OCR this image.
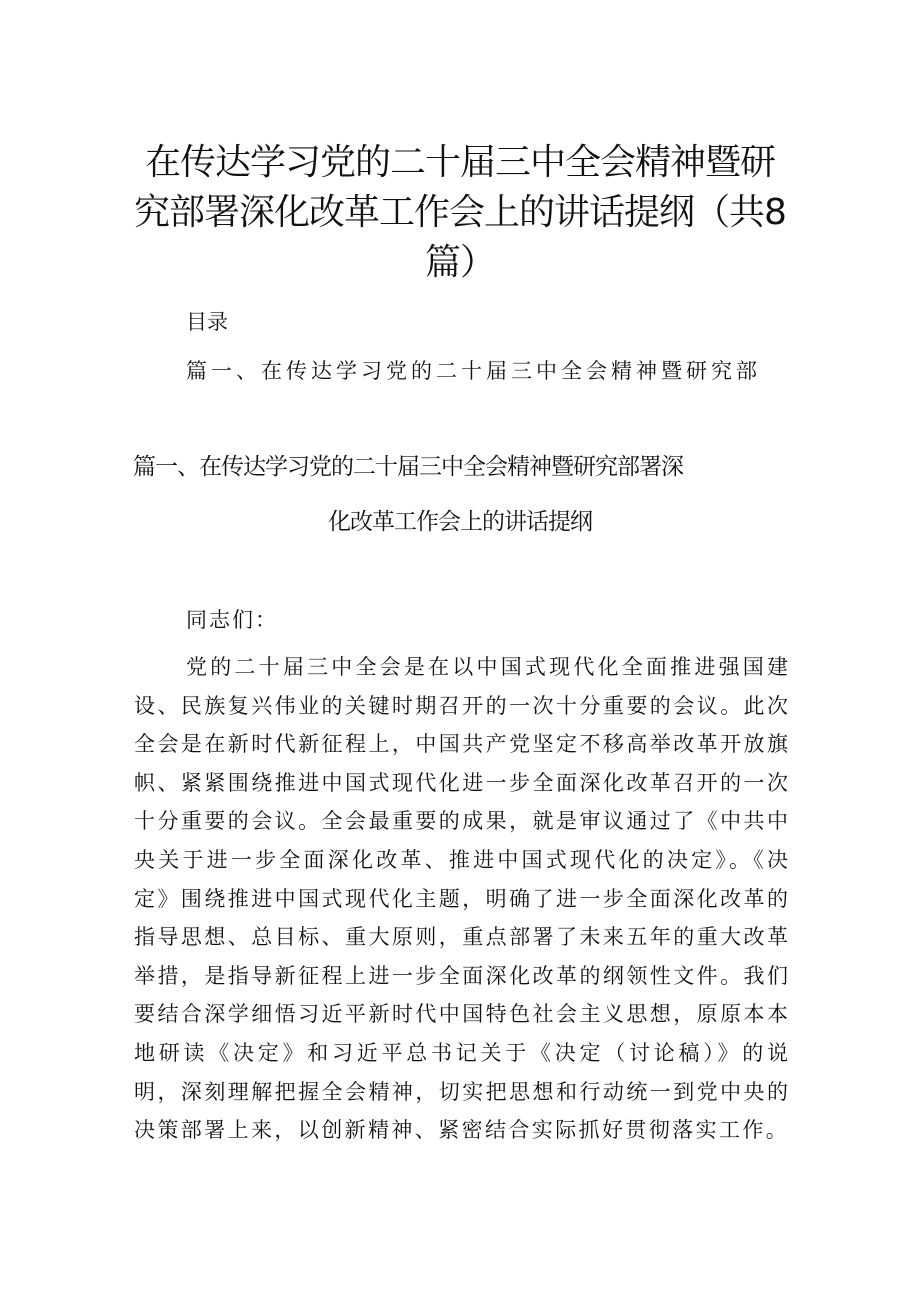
在传达学习党的二十届三中全会精神暨研
究部署深化改革工作会上的讲话提纲（共8
篇）
目录
篇一、在传达学习党的二十届三中全会精神暨研究部
篇一、在传达学习党的二十届三中全会精神暨研究部署深
化改革工作会上的讲话提纲
同志们：
党的二十届三中全会是在以中国式现代化全面推进强国建
设、民族复兴伟业的关键时期召开的一次十分重要的会议。此次
全会是在新时代新征程上，中国共产党坚定不移高举改革开放旗
帜、紧紧围绕推进中国式现代化进一步全面深化改革召开的一次
十分重要的会议。全会最重要的成果，就是审议通过了《中共中
央关于进一步全面深化改革、推进中国式现代化的决定》。《决
定》围绕推进中国式现代化主题，明确了进一步全面深化改革的
指导思想、总目标、重大原则，重点部署了未来五年的重大改革
举措，是指导新征程上进一步全面深化改革的纲领性文件。我们
要结合深学细悟习近平新时代中国特色社会主义思想，原原本本
地研读《决定》和习近平总书记关于《决定（讨论稿）》的说
明，深刻理解把握全会精神，切实把思想和行动统一到党中央的
决策部署上来，以创新精神、紧密结合实际抓好贯彻落实工作。
